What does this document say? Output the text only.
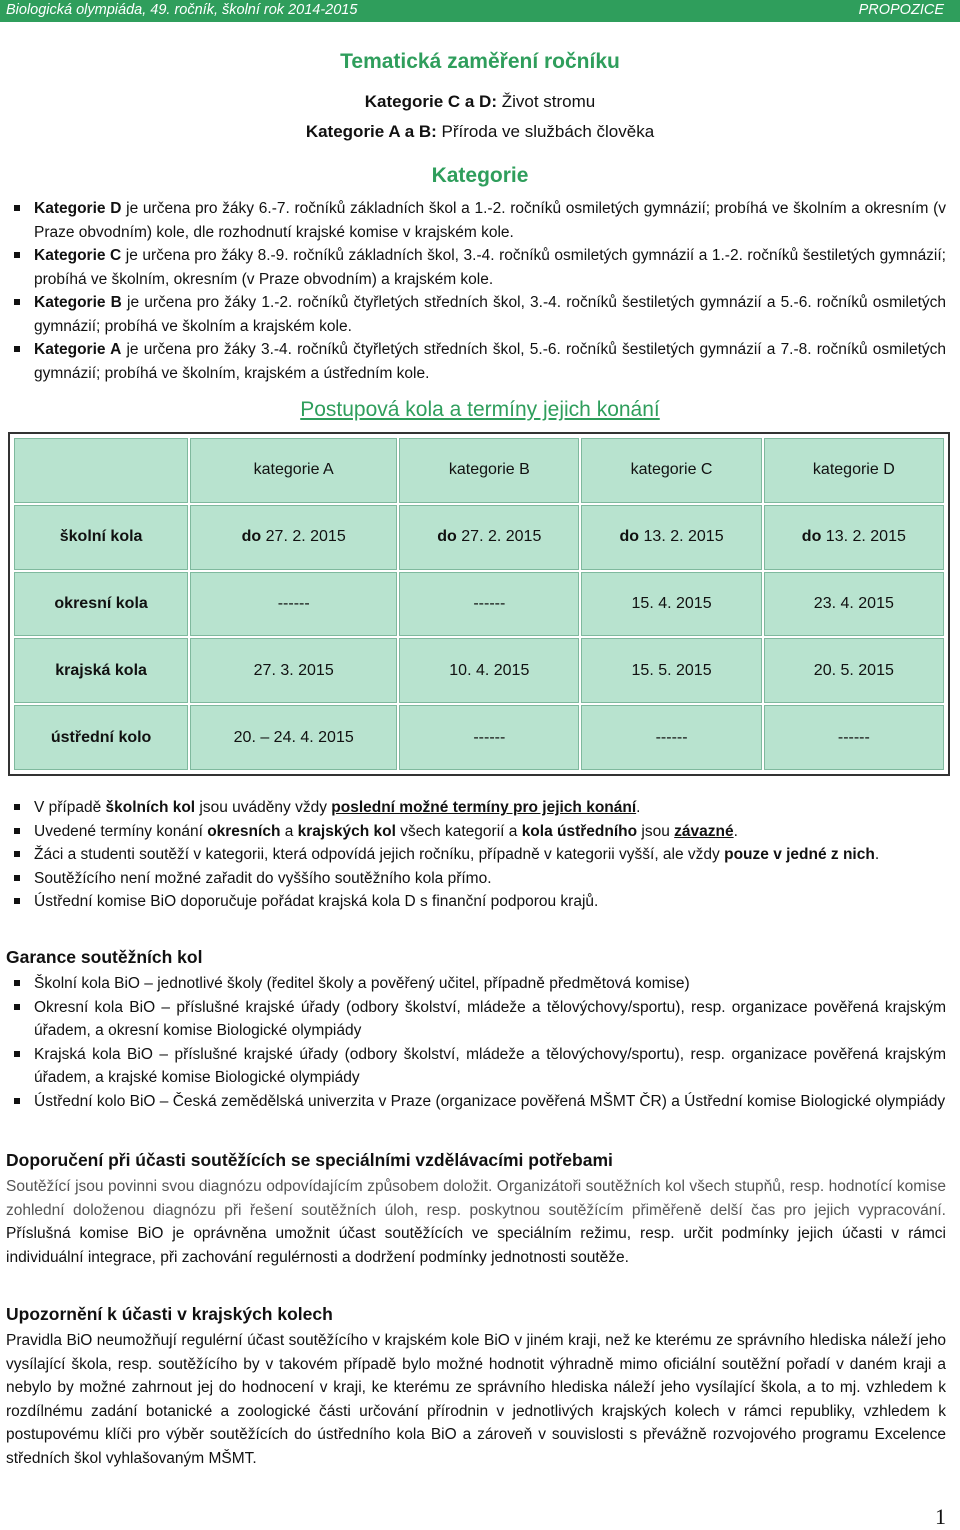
Biologická olympiáda, 49. ročník, školní rok 2014-2015	PROPOZICE
Tematická zaměření ročníku
Kategorie C a D: Život stromu
Kategorie A a B: Příroda ve službách člověka
Kategorie
Kategorie D je určena pro žáky 6.-7. ročníků základních škol a 1.-2. ročníků osmiletých gymnázií; probíhá ve školním a okresním (v Praze obvodním) kole, dle rozhodnutí krajské komise v krajském kole.
Kategorie C je určena pro žáky 8.-9. ročníků základních škol, 3.-4. ročníků osmiletých gymnázií a 1.-2. ročníků šestiletých gymnázií; probíhá ve školním, okresním (v Praze obvodním) a krajském kole.
Kategorie B je určena pro žáky 1.-2. ročníků čtyřletých středních škol, 3.-4. ročníků šestiletých gymnázií a 5.-6. ročníků osmiletých gymnázií; probíhá ve školním a krajském kole.
Kategorie A je určena pro žáky 3.-4. ročníků čtyřletých středních škol, 5.-6. ročníků šestiletých gymnázií a 7.-8. ročníků osmiletých gymnázií; probíhá ve školním, krajském a ústředním kole.
Postupová kola a termíny jejich konání
	kategorie A	kategorie B	kategorie C	kategorie D
školní kola	do 27. 2. 2015	do 27. 2. 2015	do 13. 2. 2015	do 13. 2. 2015
okresní kola	------	------	15. 4. 2015	23. 4. 2015
krajská kola	27. 3. 2015	10. 4. 2015	15. 5. 2015	20. 5. 2015
ústřední kolo	20. – 24. 4. 2015	------	------	------
V případě školních kol jsou uváděny vždy poslední možné termíny pro jejich konání.
Uvedené termíny konání okresních a krajských kol všech kategorií a kola ústředního jsou závazné.
Žáci a studenti soutěží v kategorii, která odpovídá jejich ročníku, případně v kategorii vyšší, ale vždy pouze v jedné z nich.
Soutěžícího není možné zařadit do vyššího soutěžního kola přímo.
Ústřední komise BiO doporučuje pořádat krajská kola D s finanční podporou krajů.
Garance soutěžních kol
Školní kola BiO – jednotlivé školy (ředitel školy a pověřený učitel, případně předmětová komise)
Okresní kola BiO – příslušné krajské úřady (odbory školství, mládeže a tělovýchovy/sportu), resp. organizace pověřená krajským úřadem, a okresní komise Biologické olympiády
Krajská kola BiO – příslušné krajské úřady (odbory školství, mládeže a tělovýchovy/sportu), resp. organizace pověřená krajským úřadem, a krajské komise Biologické olympiády
Ústřední kolo BiO – Česká zemědělská univerzita v Praze (organizace pověřená MŠMT ČR) a Ústřední komise Biologické olympiády
Doporučení při účasti soutěžících se speciálními vzdělávacími potřebami
Soutěžící jsou povinni svou diagnózu odpovídajícím způsobem doložit. Organizátoři soutěžních kol všech stupňů, resp. hodnotící komise zohlední doloženou diagnózu při řešení soutěžních úloh, resp. poskytnou soutěžícím přiměřeně delší čas pro jejich vypracování. Příslušná komise BiO je oprávněna umožnit účast soutěžících ve speciálním režimu, resp. určit podmínky jejich účasti v rámci individuální integrace, při zachování regulérnosti a dodržení podmínky jednotnosti soutěže.
Upozornění k účasti v krajských kolech
Pravidla BiO neumožňují regulérní účast soutěžícího v krajském kole BiO v jiném kraji, než ke kterému ze správního hlediska náleží jeho vysílající škola, resp. soutěžícího by v takovém případě bylo možné hodnotit výhradně mimo oficiální soutěžní pořadí v daném kraji a nebylo by možné zahrnout jej do hodnocení v kraji, ke kterému ze správního hlediska náleží jeho vysílající škola, a to mj. vzhledem k rozdílnému zadání botanické a zoologické části určování přírodnin v jednotlivých krajských kolech v rámci republiky, vzhledem k postupovému klíči pro výběr soutěžících do ústředního kola BiO a zároveň v souvislosti s převážně rozvojového programu Excelence středních škol vyhlašovaným MŠMT.
1
